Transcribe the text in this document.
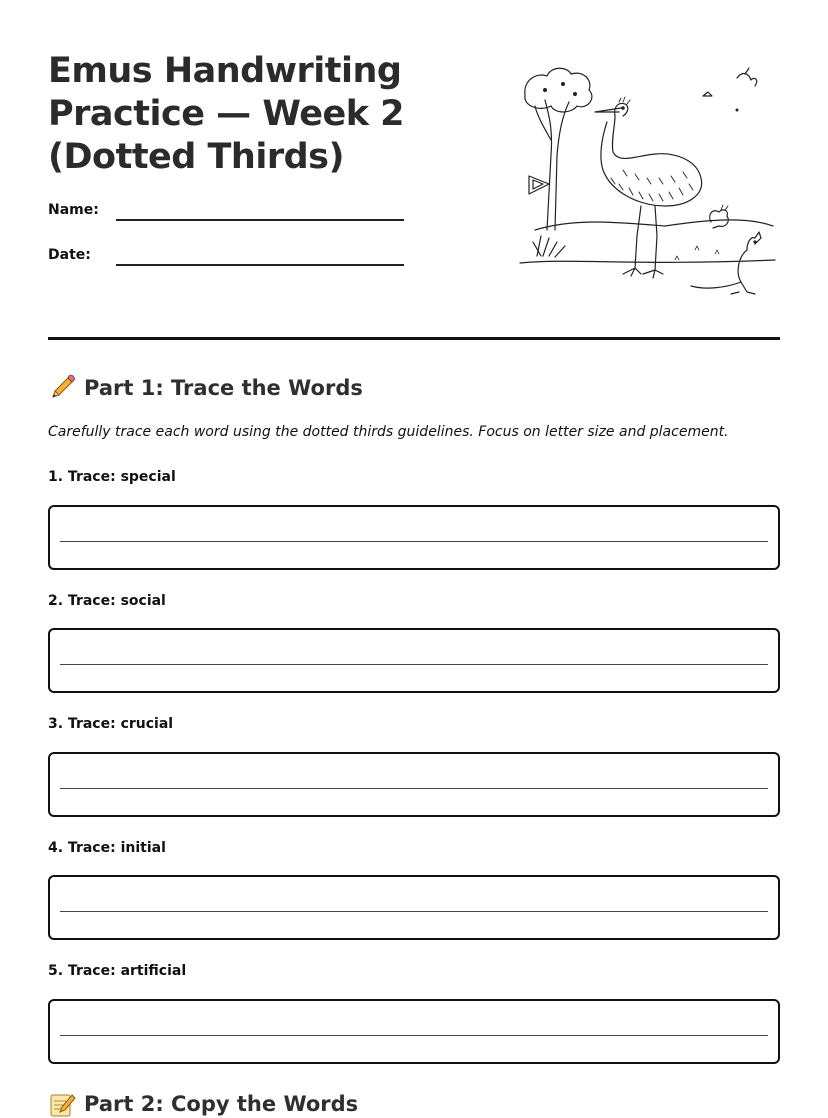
Emus Handwriting Practice — Week 2 (Dotted Thirds)
Name:
Date:
Part 1: Trace the Words

Carefully trace each word using the dotted thirds guidelines. Focus on letter size and placement.

1. Trace: special
2. Trace: social
3. Trace: crucial
4. Trace: initial
5. Trace: artificial
Part 2: Copy the Words
